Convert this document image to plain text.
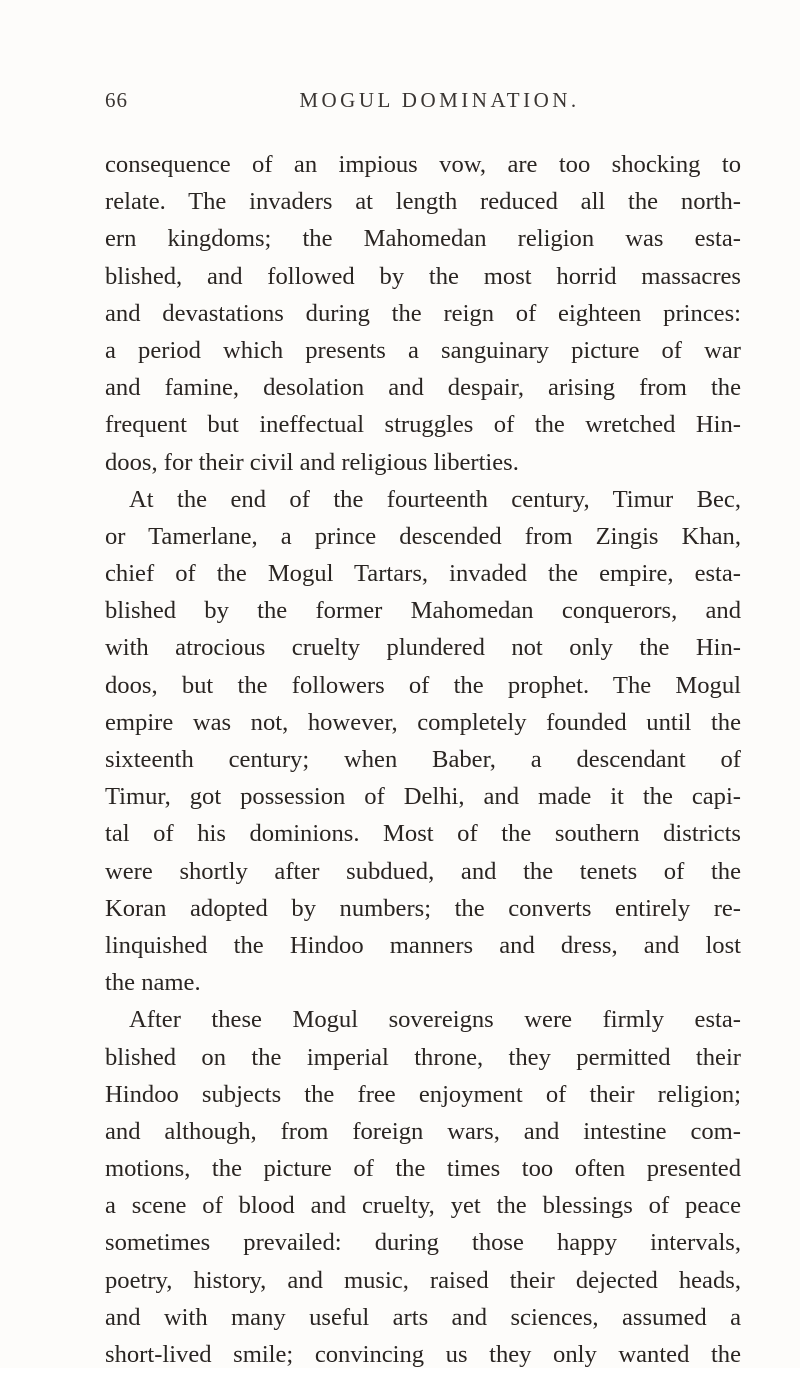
66	MOGUL DOMINATION.
consequence of an impious vow, are too shocking to
relate. The invaders at length reduced all the north-
ern kingdoms; the Mahomedan religion was esta-
blished, and followed by the most horrid massacres
and devastations during the reign of eighteen princes:
a period which presents a sanguinary picture of war
and famine, desolation and despair, arising from the
frequent but ineffectual struggles of the wretched Hin-
doos, for their civil and religious liberties.
At the end of the fourteenth century, Timur Bec,
or Tamerlane, a prince descended from Zingis Khan,
chief of the Mogul Tartars, invaded the empire, esta-
blished by the former Mahomedan conquerors, and
with atrocious cruelty plundered not only the Hin-
doos, but the followers of the prophet. The Mogul
empire was not, however, completely founded until the
sixteenth century; when Baber, a descendant of
Timur, got possession of Delhi, and made it the capi-
tal of his dominions. Most of the southern districts
were shortly after subdued, and the tenets of the
Koran adopted by numbers; the converts entirely re-
linquished the Hindoo manners and dress, and lost
the name.
After these Mogul sovereigns were firmly esta-
blished on the imperial throne, they permitted their
Hindoo subjects the free enjoyment of their religion;
and although, from foreign wars, and intestine com-
motions, the picture of the times too often presented
a scene of blood and cruelty, yet the blessings of peace
sometimes prevailed: during those happy intervals,
poetry, history, and music, raised their dejected heads,
and with many useful arts and sciences, assumed a
short-lived smile; convincing us they only wanted the
